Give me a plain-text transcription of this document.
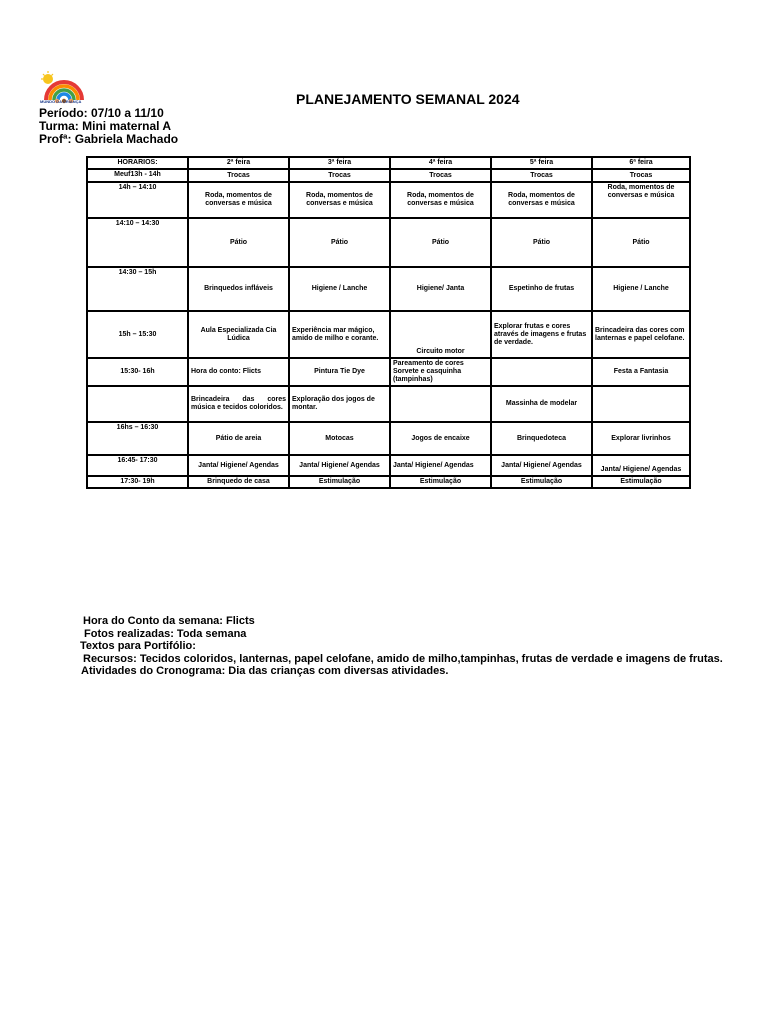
MUNDO DA CRIANÇA	PLANEJAMENTO SEMANAL 2024
Período: 07/10 a 11/10
Turma: Mini maternal A
Profª: Gabriela Machado
HORARIOS:	2ª feira	3ª feira	4ª feira	5ª feira	6ª feira
Meuf13h - 14h	Trocas	Trocas	Trocas	Trocas	Trocas
14h – 14:10	Roda, momentos de conversas e música	Roda, momentos de conversas e música	Roda, momentos de conversas e música	Roda, momentos de conversas e música	Roda, momentos de conversas e música
14:10 – 14:30	Pátio	Pátio	Pátio	Pátio	Pátio
14:30 – 15h	Brinquedos infláveis	Higiene / Lanche	Higiene/ Janta	Espetinho de frutas	Higiene / Lanche
15h – 15:30	Aula Especializada Cia Lúdica	Experiência mar mágico, amido de milho e corante.	Circuito motor	Explorar frutas e cores através de imagens e frutas de verdade.	Brincadeira das cores com lanternas e papel celofane.
15:30- 16h	Hora do conto: Flicts	Pintura Tie Dye	Pareamento de cores Sorvete e casquinha (tampinhas)		Festa a Fantasia
	Brincadeira das cores música e tecidos coloridos.	Exploração dos jogos de montar.		Massinha de modelar	
16hs – 16:30	Pátio de areia	Motocas	Jogos de encaixe	Brinquedoteca	Explorar livrinhos
16:45- 17:30	Janta/ Higiene/ Agendas	Janta/ Higiene/ Agendas	Janta/ Higiene/ Agendas	Janta/ Higiene/ Agendas	Janta/ Higiene/ Agendas
17:30- 19h	Brinquedo de casa	Estimulação	Estimulação	Estimulação	Estimulação
Hora do Conto da semana: Flicts
Fotos realizadas: Toda semana
Textos para Portifólio:
Recursos: Tecidos coloridos, lanternas, papel celofane, amido de milho,tampinhas, frutas de verdade e imagens de frutas.
Atividades do Cronograma: Dia das crianças com diversas atividades.
